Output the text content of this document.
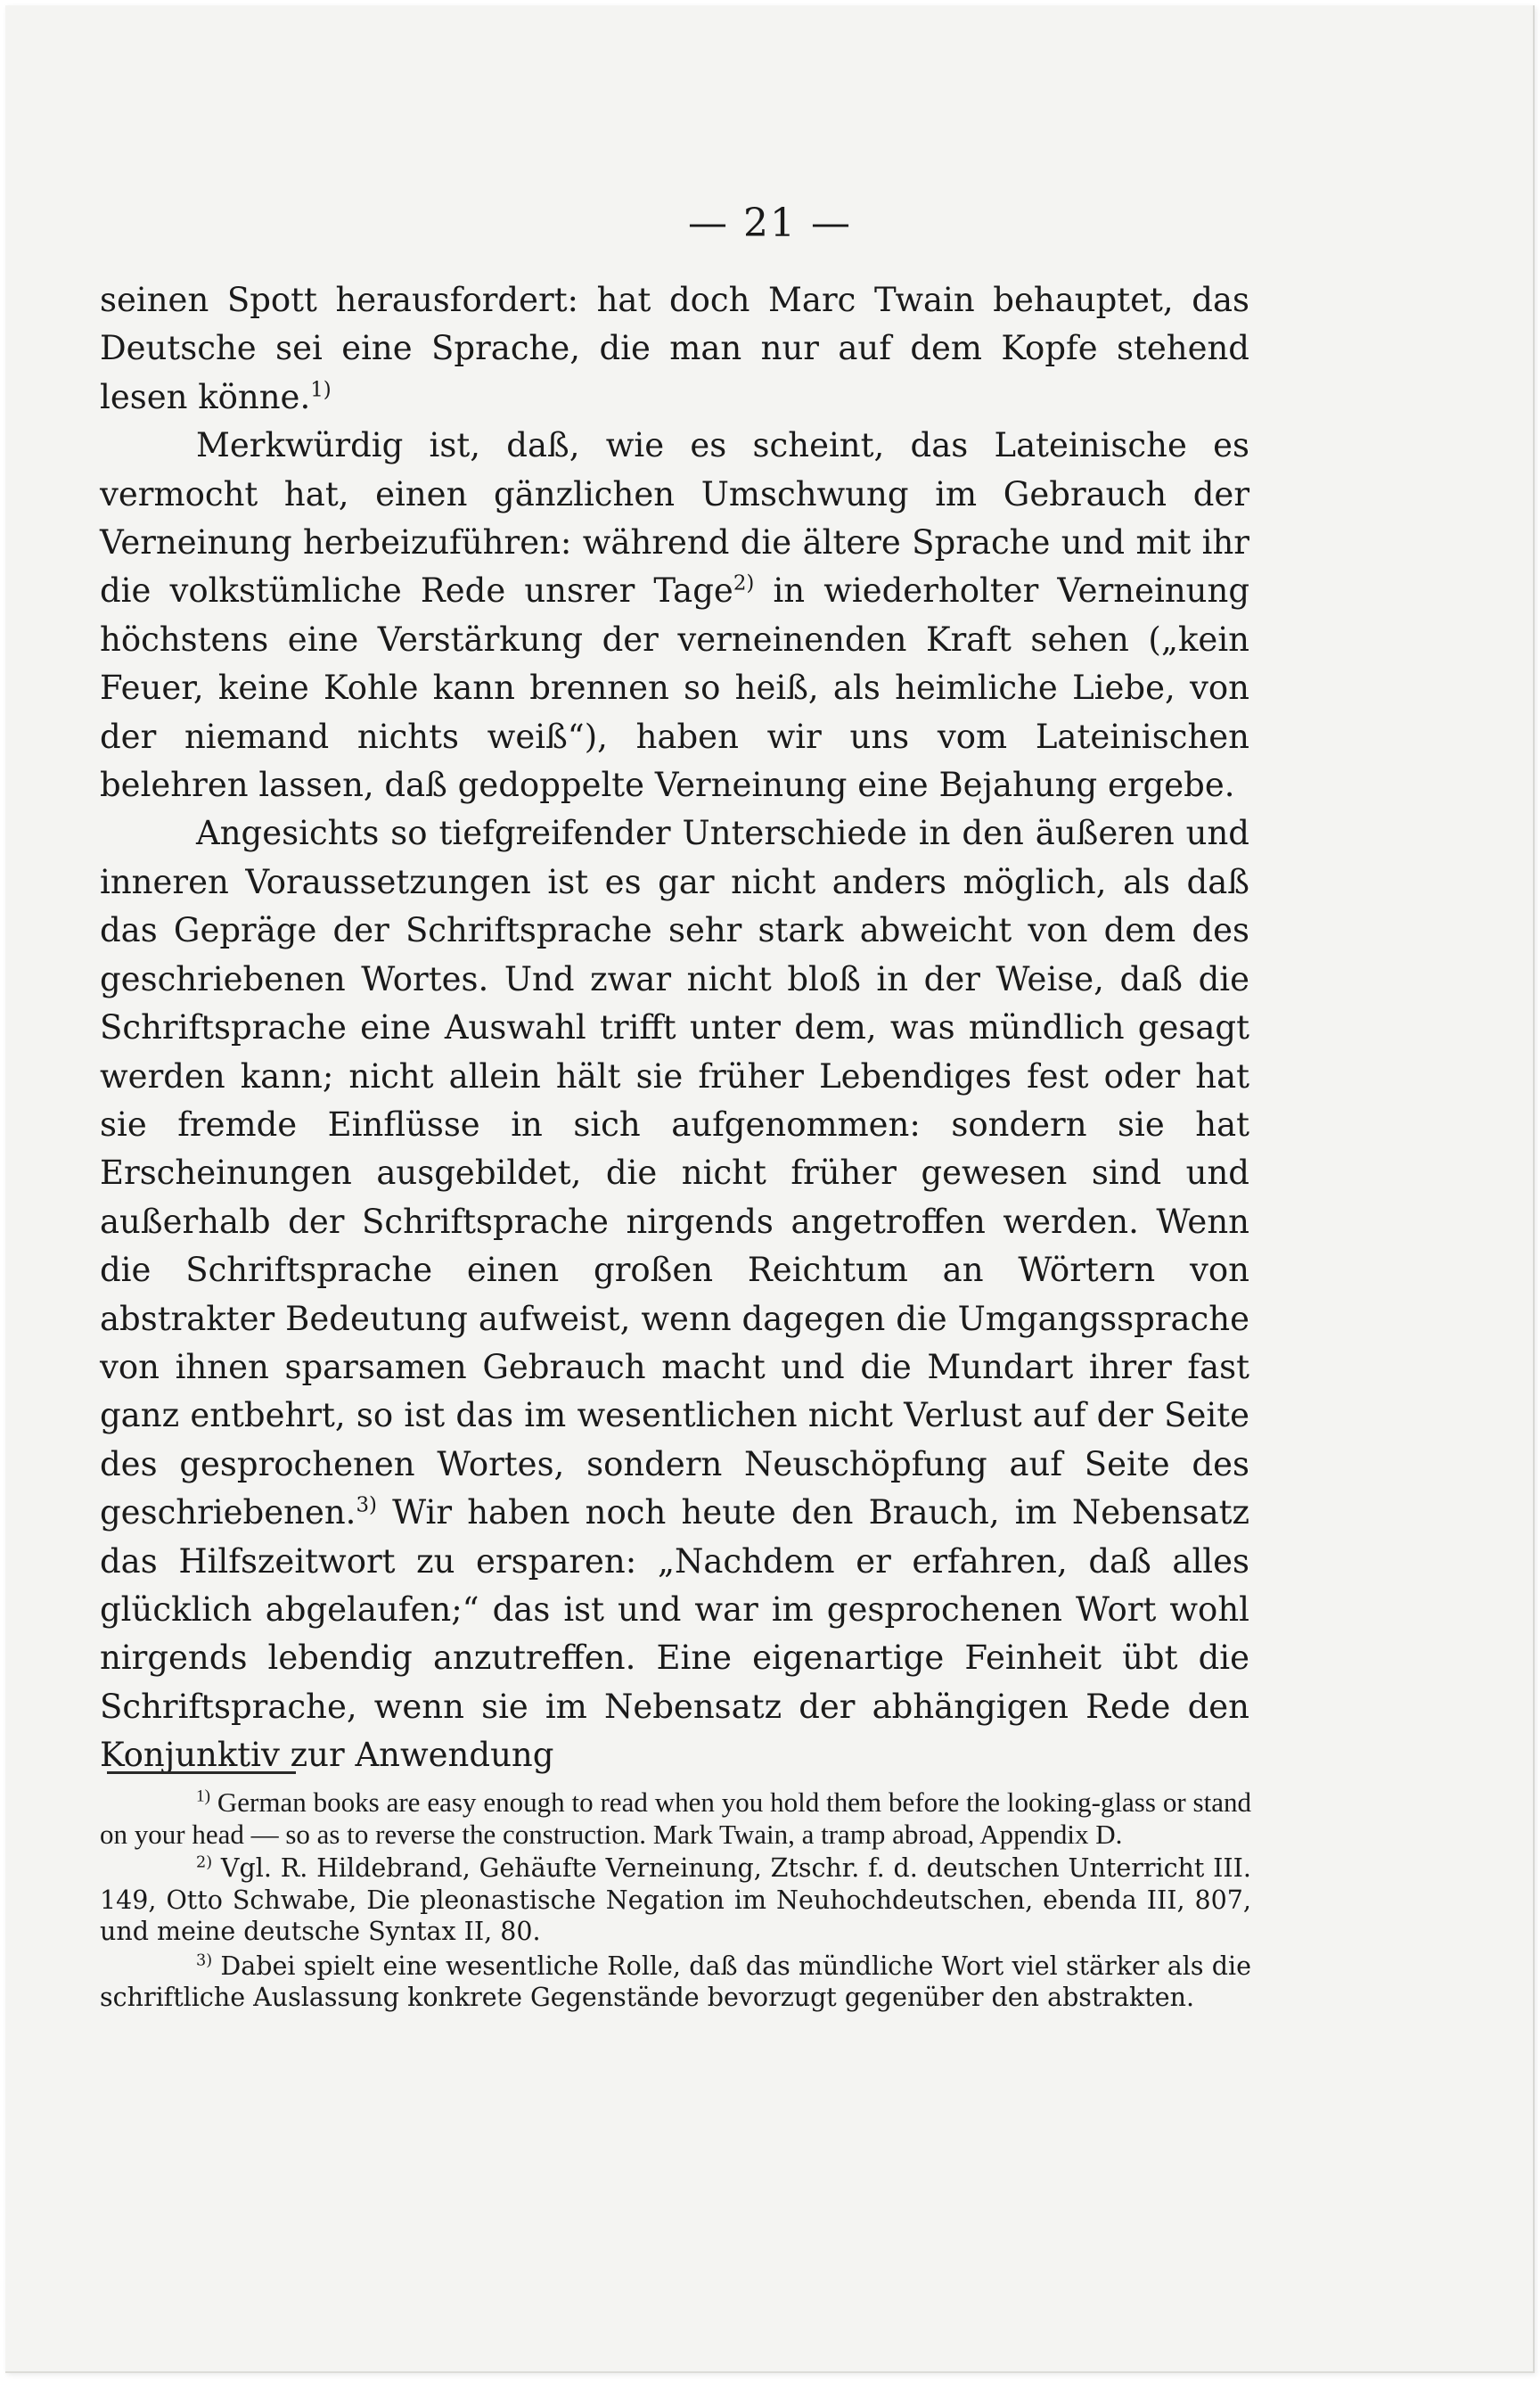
— 21 —

seinen Spott herausfordert: hat doch Marc Twain behauptet, das Deutsche sei eine Sprache, die man nur auf dem Kopfe stehend lesen könne.$^{1)}$

Merkwürdig ist, daß, wie es scheint, das Lateinische es vermocht hat, einen gänzlichen Umschwung im Gebrauch der Verneinung herbeizuführen: während die ältere Sprache und mit ihr die volkstümliche Rede unsrer Tage$^{2)}$ in wiederholter Verneinung höchstens eine Verstärkung der verneinenden Kraft sehen („kein Feuer, keine Kohle kann brennen so heiß, als heimliche Liebe, von der niemand nichts weiß“), haben wir uns vom Lateinischen belehren lassen, daß gedoppelte Verneinung eine Bejahung ergebe.

Angesichts so tiefgreifender Unterschiede in den äußeren und inneren Voraussetzungen ist es gar nicht anders möglich, als daß das Gepräge der Schriftsprache sehr stark abweicht von dem des geschriebenen Wortes. Und zwar nicht bloß in der Weise, daß die Schriftsprache eine Auswahl trifft unter dem, was mündlich gesagt werden kann; nicht allein hält sie früher Lebendiges fest oder hat sie fremde Einflüsse in sich aufgenommen: sondern sie hat Erscheinungen ausgebildet, die nicht früher gewesen sind und außerhalb der Schriftsprache nirgends angetroffen werden. Wenn die Schriftsprache einen großen Reichtum an Wörtern von abstrakter Bedeutung aufweist, wenn dagegen die Umgangssprache von ihnen sparsamen Gebrauch macht und die Mundart ihrer fast ganz entbehrt, so ist das im wesentlichen nicht Verlust auf der Seite des gesprochenen Wortes, sondern Neuschöpfung auf Seite des geschriebenen.$^{3)}$ Wir haben noch heute den Brauch, im Nebensatz das Hilfszeitwort zu ersparen: „Nachdem er erfahren, daß alles glücklich abgelaufen;“ das ist und war im gesprochenen Wort wohl nirgends lebendig anzutreffen. Eine eigenartige Feinheit übt die Schriftsprache, wenn sie im Nebensatz der abhängigen Rede den Konjunktiv zur Anwendung

$^{1)}$ German books are easy enough to read when you hold them before the looking-glass or stand on your head — so as to reverse the construction. Mark Twain, a tramp abroad, Appendix D.

$^{2)}$ Vgl. R. Hildebrand, Gehäufte Verneinung, Ztschr. f. d. deutschen Unterricht III. 149, Otto Schwabe, Die pleonastische Negation im Neuhochdeutschen, ebenda III, 807, und meine deutsche Syntax II, 80.

$^{3)}$ Dabei spielt eine wesentliche Rolle, daß das mündliche Wort viel stärker als die schriftliche Auslassung konkrete Gegenstände bevorzugt gegenüber den abstrakten.
